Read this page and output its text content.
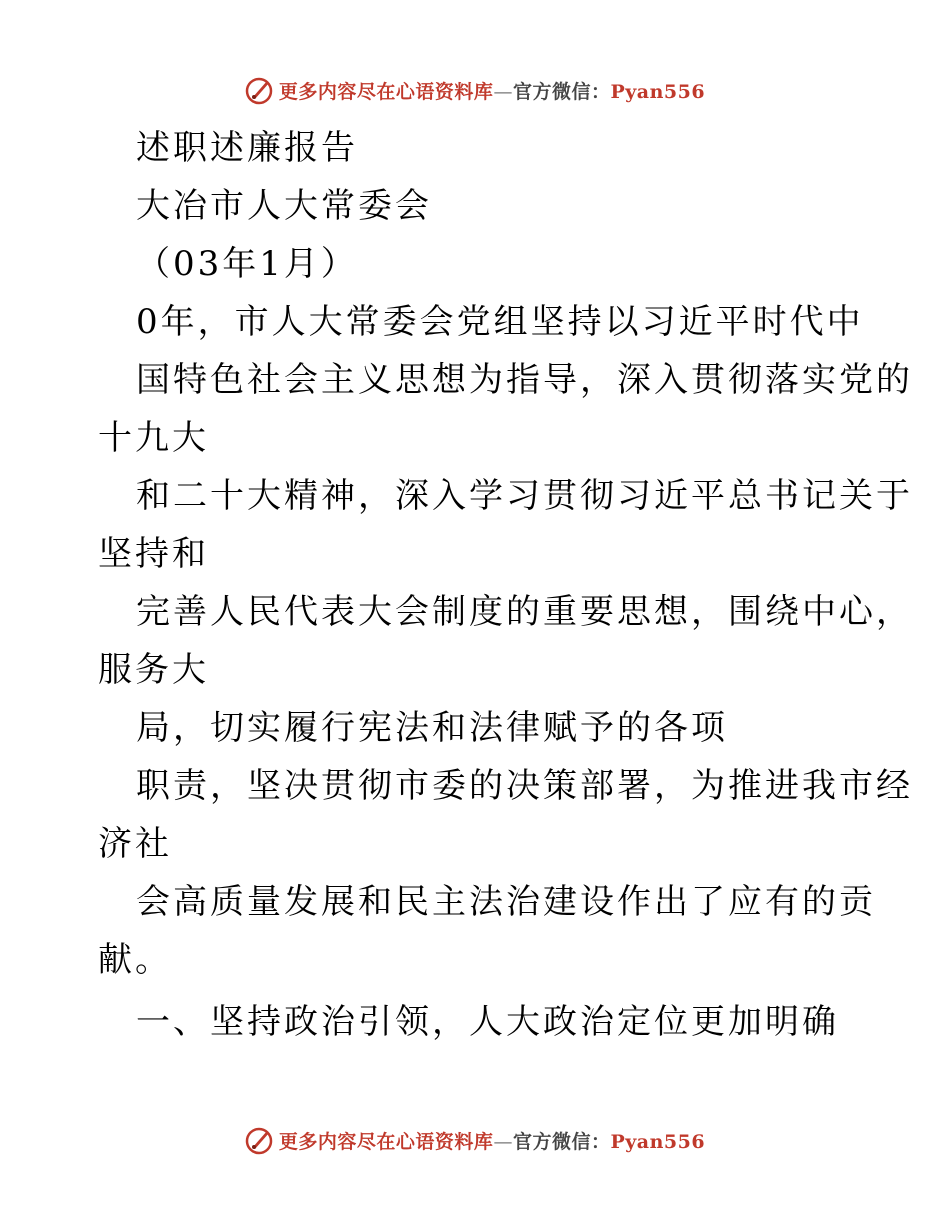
更多内容尽在心语资料库—官方微信：Pyan556
述职述廉报告
大冶市人大常委会
（03年1月）
0年，市人大常委会党组坚持以习近平时代中
国特色社会主义思想为指导，深入贯彻落实党的
十九大
和二十大精神，深入学习贯彻习近平总书记关于
坚持和
完善人民代表大会制度的重要思想，围绕中心，
服务大
局，切实履行宪法和法律赋予的各项
职责，坚决贯彻市委的决策部署，为推进我市经
济社
会高质量发展和民主法治建设作出了应有的贡
献。
一、坚持政治引领，人大政治定位更加明确
更多内容尽在心语资料库—官方微信：Pyan556
